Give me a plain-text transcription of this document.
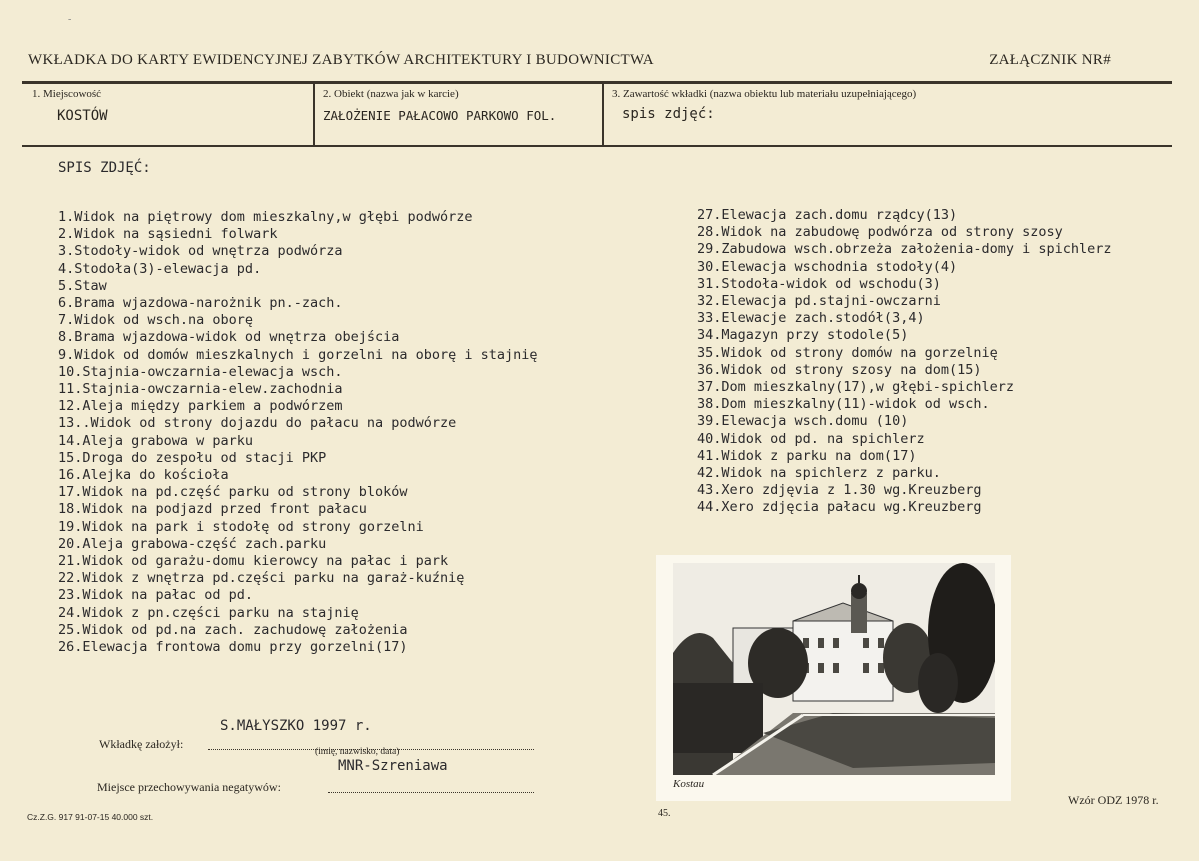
-
WKŁADKA DO KARTY EWIDENCYJNEJ ZABYTKÓW ARCHITEKTURY I BUDOWNICTWA	ZAŁĄCZNIK NR#
1. Miejscowość
KOSTÓW
2. Obiekt (nazwa jak w karcie)
ZAŁOŻENIE PAŁACOWO PARKOWO FOL.
3. Zawartość wkładki (nazwa obiektu lub materiału uzupełniającego)
spis zdjęć:
SPIS ZDJĘĆ:
1.Widok na piętrowy dom mieszkalny,w głębi podwórze
2.Widok na sąsiedni folwark
3.Stodoły-widok od wnętrza podwórza
4.Stodoła(3)-elewacja pd.
5.Staw
6.Brama wjazdowa-narożnik pn.-zach.
7.Widok od wsch.na oborę
8.Brama wjazdowa-widok od wnętrza obejścia
9.Widok od domów mieszkalnych i gorzelni na oborę i stajnię
10.Stajnia-owczarnia-elewacja wsch.
11.Stajnia-owczarnia-elew.zachodnia
12.Aleja między parkiem a podwórzem
13..Widok od strony dojazdu do pałacu na podwórze
14.Aleja grabowa w parku
15.Droga do zespołu od stacji PKP
16.Alejka do kościoła
17.Widok na pd.część parku od strony bloków
18.Widok na podjazd przed front pałacu
19.Widok na park i stodołę od strony gorzelni
20.Aleja grabowa-część zach.parku
21.Widok od garażu-domu kierowcy na pałac i park
22.Widok z wnętrza pd.części parku na garaż-kuźnię
23.Widok na pałac od pd.
24.Widok z pn.części parku na stajnię
25.Widok od pd.na zach. zachudowę założenia
26.Elewacja frontowa domu przy gorzelni(17)
27.Elewacja zach.domu rządcy(13)
28.Widok na zabudowę podwórza od strony szosy
29.Zabudowa wsch.obrzeża założenia-domy i spichlerz
30.Elewacja wschodnia stodoły(4)
31.Stodoła-widok od wschodu(3)
32.Elewacja pd.stajni-owczarni
33.Elewacje zach.stodół(3,4)
34.Magazyn przy stodole(5)
35.Widok od strony domów na gorzelnię
36.Widok od strony szosy na dom(15)
37.Dom mieszkalny(17),w głębi-spichlerz
38.Dom mieszkalny(11)-widok od wsch.
39.Elewacja wsch.domu (10)
40.Widok od pd. na spichlerz
41.Widok z parku na dom(17)
42.Widok na spichlerz z parku.
43.Xero zdjęvia z 1.30 wg.Kreuzberg
44.Xero zdjęcia pałacu wg.Kreuzberg
Kostau
S.MAŁYSZKO 1997 r.
Wkładkę założył:
(imię, nazwisko, data)
MNR-Szreniawa
Miejsce przechowywania negatywów:
Cz.Z.G. 917 91-07-15 40.000 szt.	45.
Wzór ODZ 1978 r.
